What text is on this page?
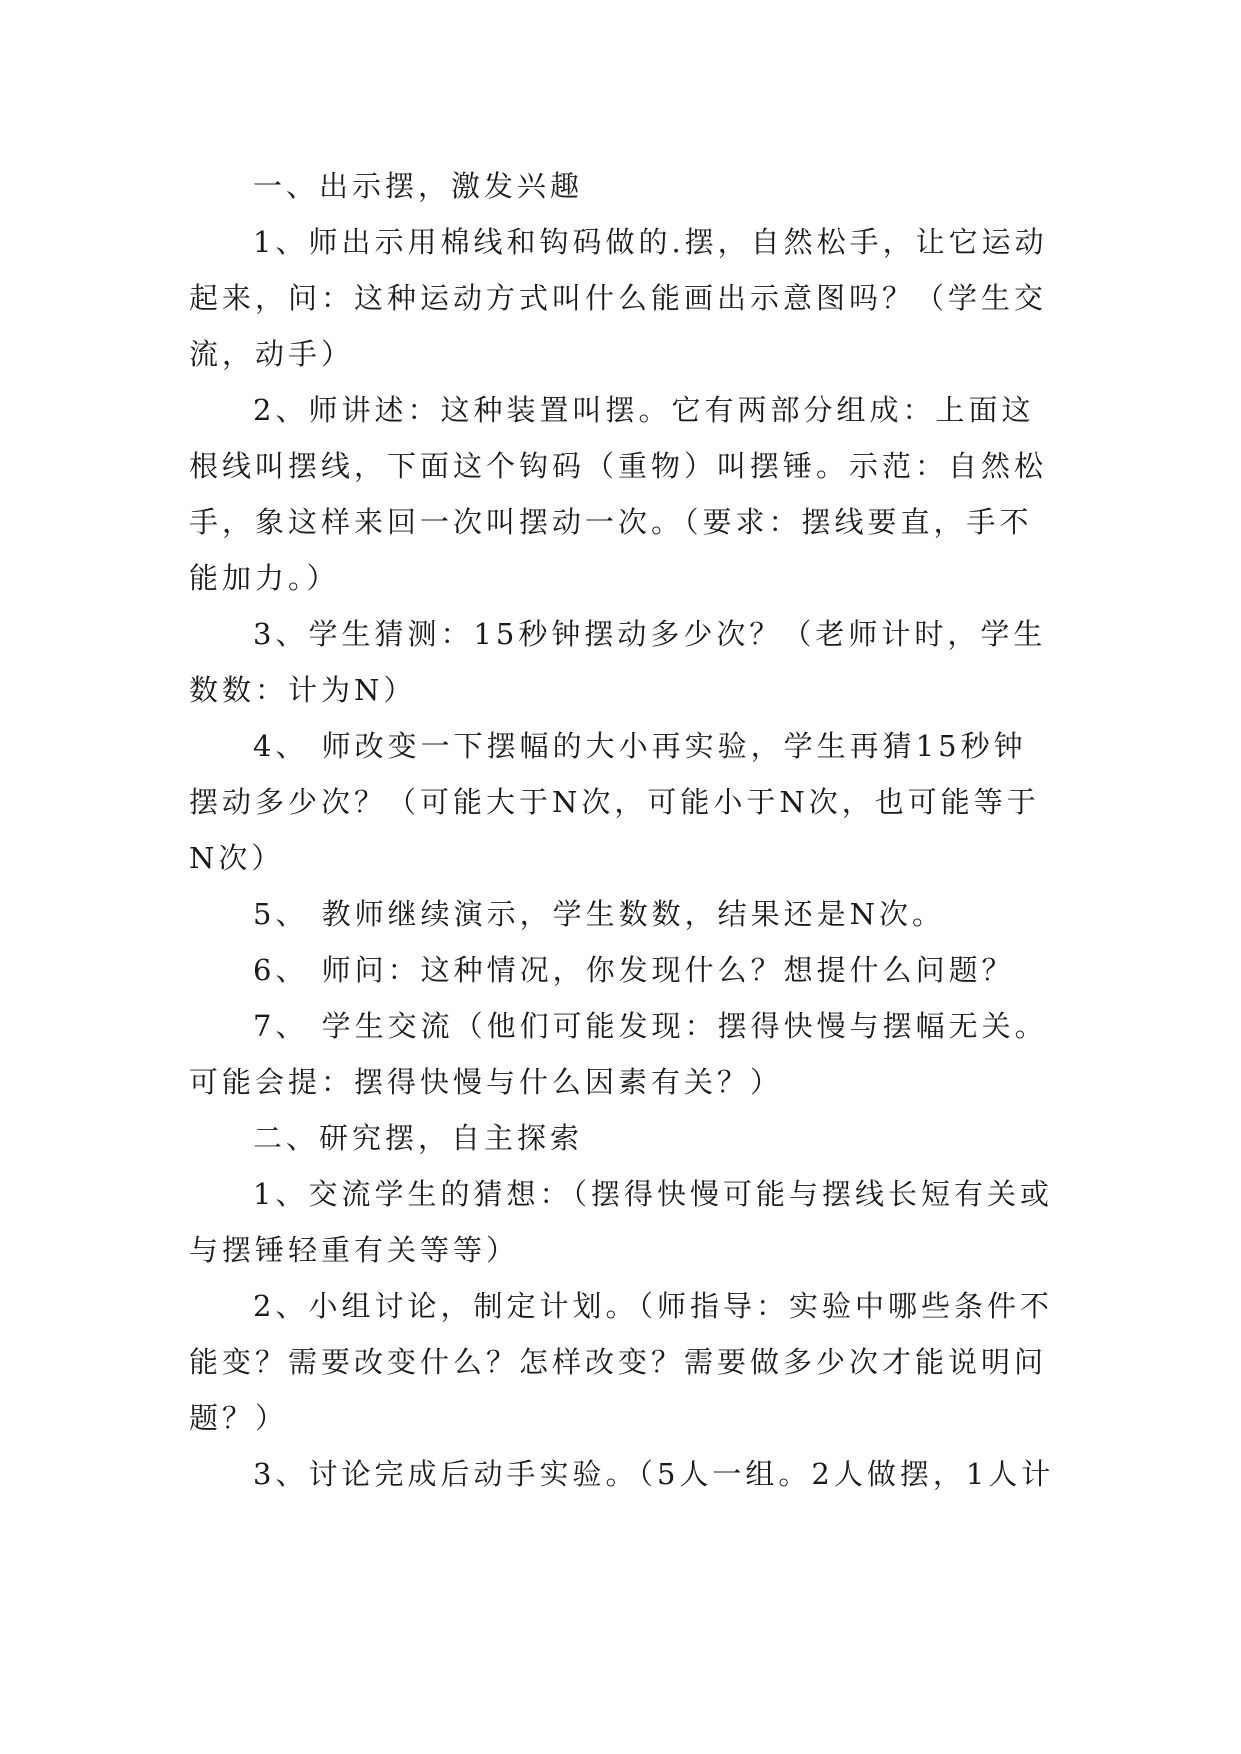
一、出示摆，激发兴趣

1、师出示用棉线和钩码做的.摆，自然松手，让它运动起来，问：这种运动方式叫什么能画出示意图吗？（学生交流，动手）

2、师讲述：这种装置叫摆。它有两部分组成：上面这根线叫摆线，下面这个钩码（重物）叫摆锤。示范：自然松手，象这样来回一次叫摆动一次。（要求：摆线要直，手不能加力。）

3、学生猜测：15秒钟摆动多少次？（老师计时，学生数数：计为N）

4、 师改变一下摆幅的大小再实验，学生再猜15秒钟摆动多少次？（可能大于N次，可能小于N次，也可能等于N次）

5、 教师继续演示，学生数数，结果还是N次。

6、 师问：这种情况，你发现什么？想提什么问题？

7、 学生交流（他们可能发现：摆得快慢与摆幅无关。可能会提：摆得快慢与什么因素有关？）

二、研究摆，自主探索

1、交流学生的猜想：（摆得快慢可能与摆线长短有关或与摆锤轻重有关等等）

2、小组讨论，制定计划。（师指导：实验中哪些条件不能变？需要改变什么？怎样改变？需要做多少次才能说明问题？）

3、讨论完成后动手实验。（5人一组。2人做摆，1人计
